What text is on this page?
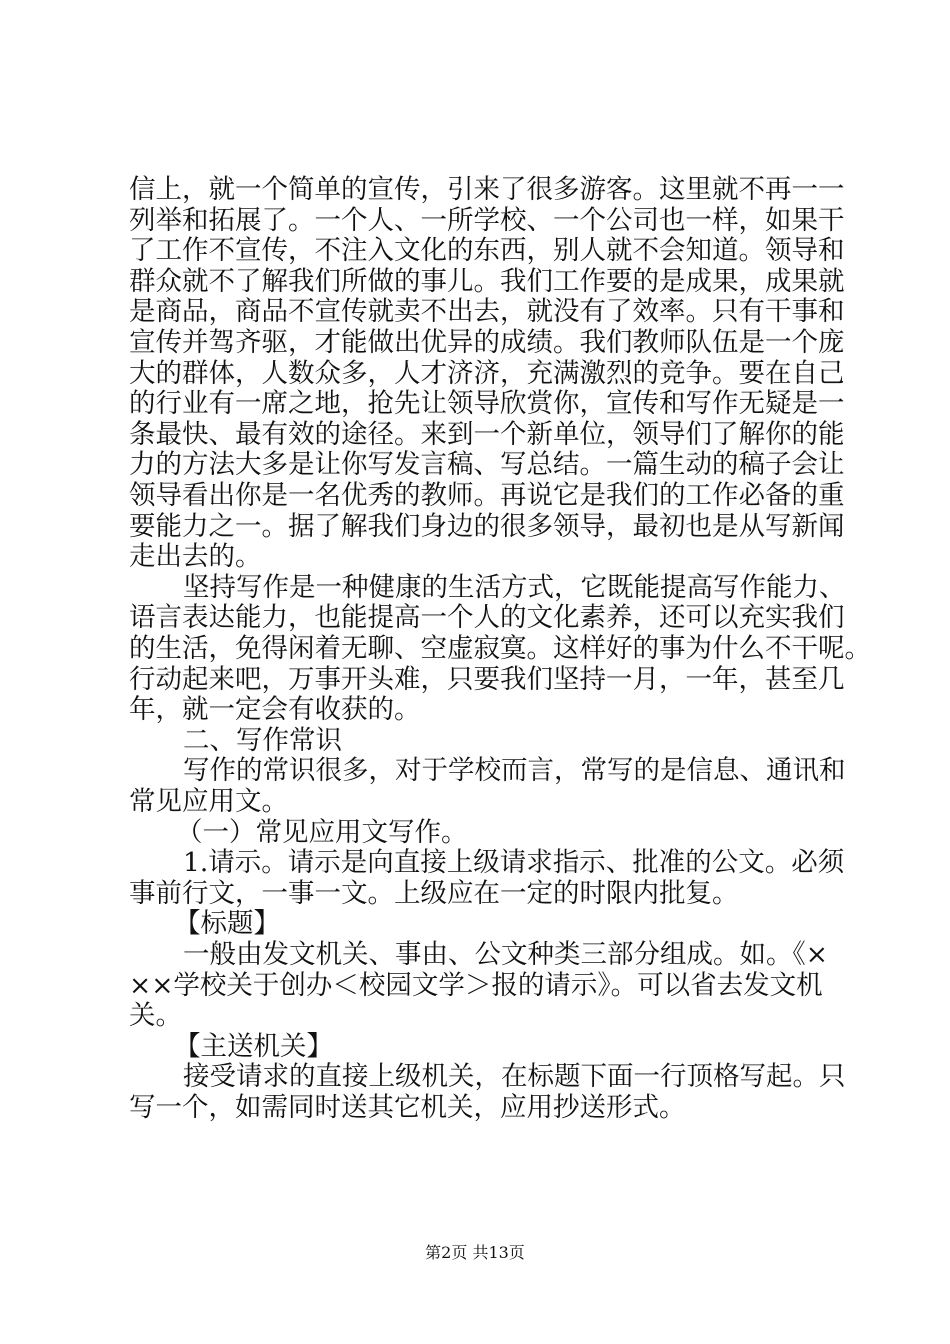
信上，就一个简单的宣传，引来了很多游客。这里就不再一一
列举和拓展了。一个人、一所学校、一个公司也一样，如果干
了工作不宣传，不注入文化的东西，别人就不会知道。领导和
群众就不了解我们所做的事儿。我们工作要的是成果，成果就
是商品，商品不宣传就卖不出去，就没有了效率。只有干事和
宣传并驾齐驱，才能做出优异的成绩。我们教师队伍是一个庞
大的群体，人数众多，人才济济，充满激烈的竞争。要在自己
的行业有一席之地，抢先让领导欣赏你，宣传和写作无疑是一
条最快、最有效的途径。来到一个新单位，领导们了解你的能
力的方法大多是让你写发言稿、写总结。一篇生动的稿子会让
领导看出你是一名优秀的教师。再说它是我们的工作必备的重
要能力之一。据了解我们身边的很多领导，最初也是从写新闻
走出去的。
坚持写作是一种健康的生活方式，它既能提高写作能力、
语言表达能力，也能提高一个人的文化素养，还可以充实我们
的生活，免得闲着无聊、空虚寂寞。这样好的事为什么不干呢。
行动起来吧，万事开头难，只要我们坚持一月，一年，甚至几
年，就一定会有收获的。
二、写作常识
写作的常识很多，对于学校而言，常写的是信息、通讯和
常见应用文。
（一）常见应用文写作。
1.请示。请示是向直接上级请求指示、批准的公文。必须
事前行文，一事一文。上级应在一定的时限内批复。
【标题】
一般由发文机关、事由、公文种类三部分组成。如。《×
××学校关于创办＜校园文学＞报的请示》。可以省去发文机
关。
【主送机关】
接受请求的直接上级机关，在标题下面一行顶格写起。只
写一个，如需同时送其它机关，应用抄送形式。
第2页 共13页
